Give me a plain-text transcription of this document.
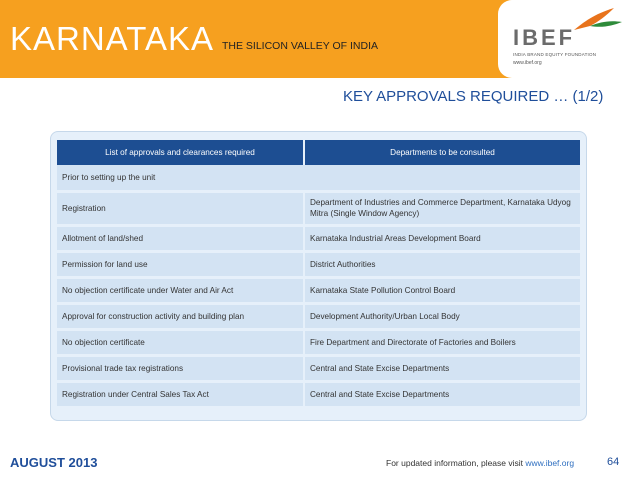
KARNATAKA THE SILICON VALLEY OF INDIA	IBEF
INDIA BRAND EQUITY FOUNDATION
www.ibef.org
KEY APPROVALS REQUIRED … (1/2)
List of approvals and clearances required	Departments to be consulted
Prior to setting up the unit	
Registration	Department of Industries and Commerce Department, Karnataka Udyog Mitra (Single Window Agency)
Allotment of land/shed	Karnataka Industrial Areas Development Board
Permission for land use	District Authorities
No objection certificate under Water and Air Act	Karnataka State Pollution Control Board
Approval for construction activity and building plan	Development Authority/Urban Local Body
No objection certificate	Fire Department and Directorate of Factories and Boilers
Provisional trade tax registrations	Central and State Excise Departments
Registration under Central Sales Tax Act	Central and State Excise Departments
AUGUST 2013	For updated information, please visit www.ibef.org	64
